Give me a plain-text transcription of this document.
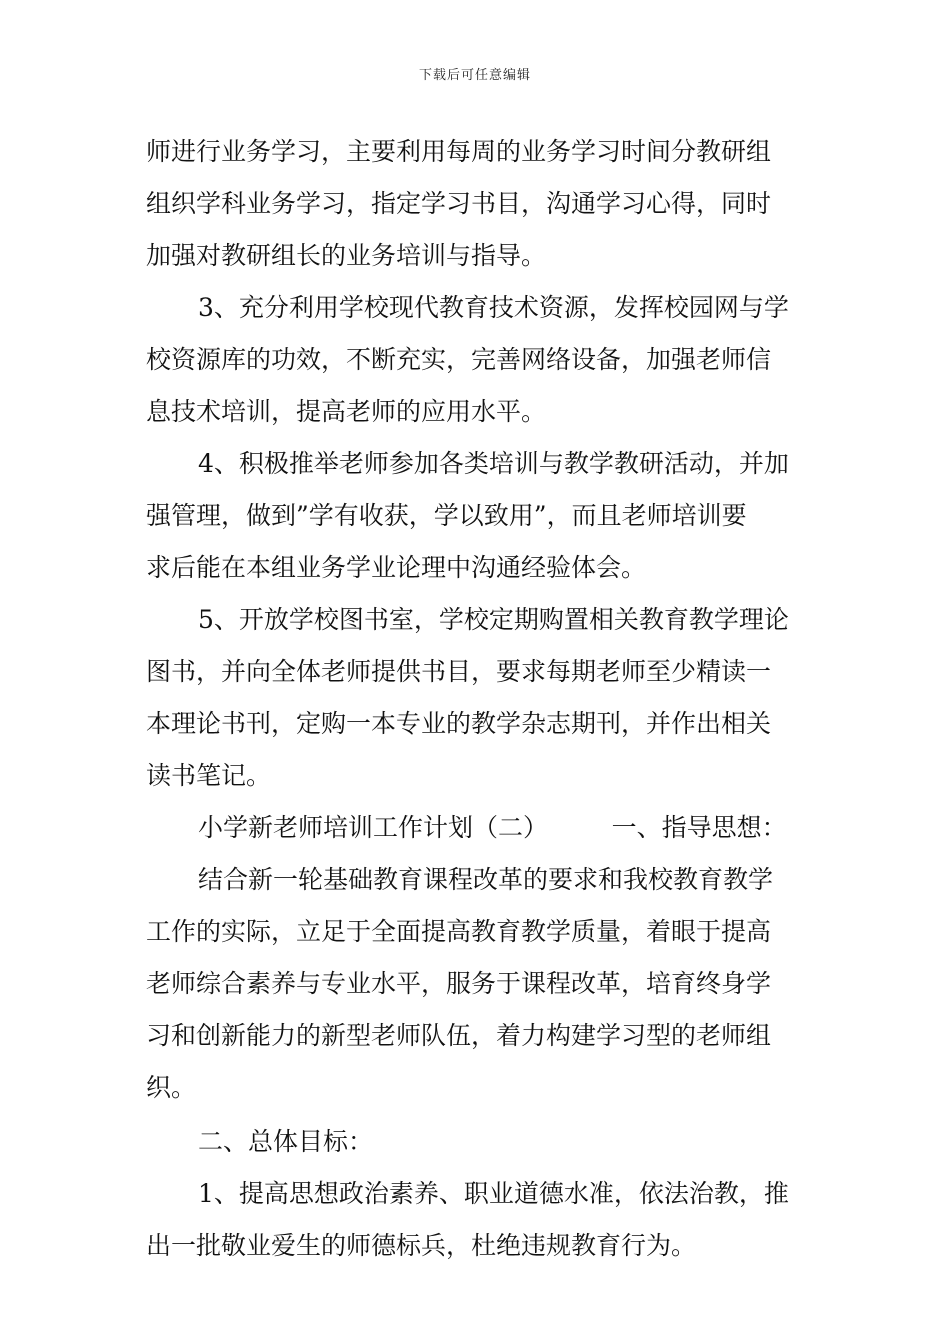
下载后可任意编辑
师进行业务学习，主要利用每周的业务学习时间分教研组
组织学科业务学习，指定学习书目，沟通学习心得，同时
加强对教研组长的业务培训与指导。
3、充分利用学校现代教育技术资源，发挥校园网与学
校资源库的功效，不断充实，完善网络设备，加强老师信
息技术培训，提高老师的应用水平。
4、积极推举老师参加各类培训与教学教研活动，并加
强管理，做到”学有收获，学以致用”，而且老师培训要
求后能在本组业务学业论理中沟通经验体会。
5、开放学校图书室，学校定期购置相关教育教学理论
图书，并向全体老师提供书目，要求每期老师至少精读一
本理论书刊，定购一本专业的教学杂志期刊，并作出相关
读书笔记。
小学新老师培训工作计划（二）        一、指导思想：
结合新一轮基础教育课程改革的要求和我校教育教学
工作的实际，立足于全面提高教育教学质量，着眼于提高
老师综合素养与专业水平，服务于课程改革，培育终身学
习和创新能力的新型老师队伍，着力构建学习型的老师组
织。
二、总体目标：
1、提高思想政治素养、职业道德水准，依法治教，推
出一批敬业爱生的师德标兵，杜绝违规教育行为。
